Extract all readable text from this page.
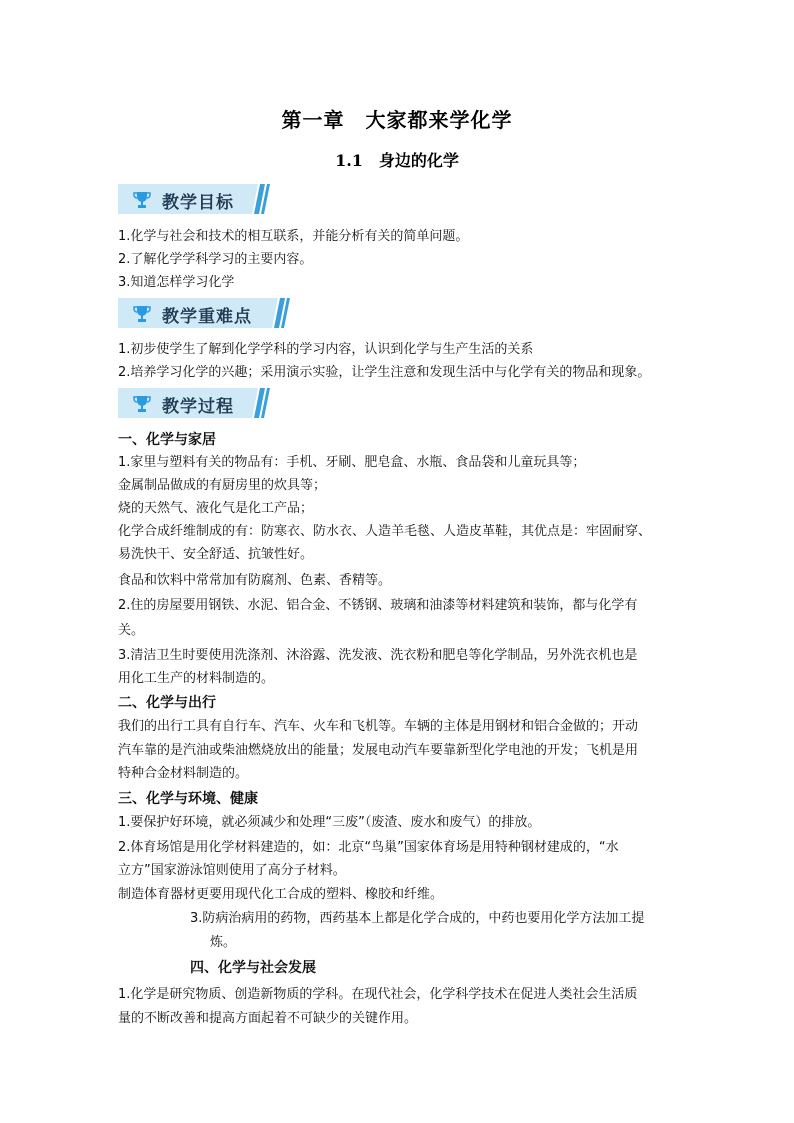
第一章　大家都来学化学
1.1　身边的化学
教学目标
1.化学与社会和技术的相互联系，并能分析有关的简单问题。
2.了解化学学科学习的主要内容。
3.知道怎样学习化学
教学重难点
1.初步使学生了解到化学学科的学习内容，认识到化学与生产生活的关系
2.培养学习化学的兴趣；采用演示实验，让学生注意和发现生活中与化学有关的物品和现象。
教学过程
一、化学与家居
1.家里与塑料有关的物品有：手机、牙刷、肥皂盒、水瓶、食品袋和儿童玩具等；
金属制品做成的有厨房里的炊具等；
烧的天然气、液化气是化工产品；
化学合成纤维制成的有：防寒衣、防水衣、人造羊毛毯、人造皮革鞋，其优点是：牢固耐穿、
易洗快干、安全舒适、抗皱性好。
食品和饮料中常常加有防腐剂、色素、香精等。
2.住的房屋要用钢铁、水泥、铝合金、不锈钢、玻璃和油漆等材料建筑和装饰，都与化学有
关。
3.清洁卫生时要使用洗涤剂、沐浴露、洗发液、洗衣粉和肥皂等化学制品，另外洗衣机也是
用化工生产的材料制造的。
二、化学与出行
我们的出行工具有自行车、汽车、火车和飞机等。车辆的主体是用钢材和铝合金做的；开动
汽车靠的是汽油或柴油燃烧放出的能量；发展电动汽车要靠新型化学电池的开发；飞机是用
特种合金材料制造的。
三、化学与环境、健康
1.要保护好环境，就必须减少和处理“三废”（废渣、废水和废气）的排放。
2.体育场馆是用化学材料建造的，如：北京“鸟巢”国家体育场是用特种钢材建成的，“水
立方”国家游泳馆则使用了高分子材料。
制造体育器材更要用现代化工合成的塑料、橡胶和纤维。
3.防病治病用的药物，西药基本上都是化学合成的，中药也要用化学方法加工提
炼。
四、化学与社会发展
1.化学是研究物质、创造新物质的学科。在现代社会，化学科学技术在促进人类社会生活质
量的不断改善和提高方面起着不可缺少的关键作用。
